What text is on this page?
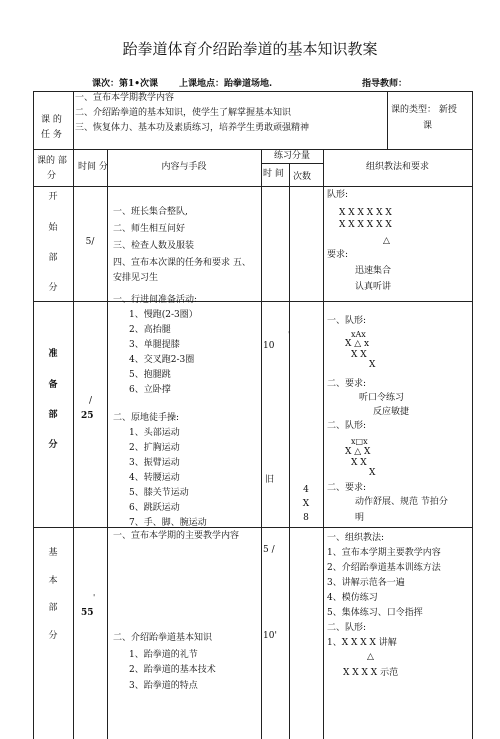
跆拳道体育介绍跆拳道的基本知识教案
课次：第1•次课 上课地点：跆拳道场地.	指导教师：
课 的
任 务
一、宣布本学期教学内容
二、介绍跆拳道的基本知识，使学生了解掌握基本知识
三、恢复体力、基本功及素质练习，培养学生勇敢顽强精神
课的类型： 新授
课
课的 部
分
时间 分	内容与手段
练习分量
时 间 次数
组织教法和要求
开
始
部
分
5/
一、班长集合整队,
二、师生相互问好
三、检查人数及服装
四、宣布本次课的任务和要求 五、
安排见习生
队形:
X X X X X X
X X X X X X
△
要求:
迅速集合
认真听讲
准
备
部
分
/
25
一、行进间准备活动:
1、慢跑(2-3圈）
2、高抬腿
3、单腿提膝
4、交叉跑2-3圈
5、抱腿跳
6、立卧撑
二、原地徒手操:
1、头部运动
2、扩胸运动
3、振臂运动
4、转腰运动
5、膝关节运动
6、跳跃运动
7、手、脚、腕运动
10
'
旧
4
X
8
一、队形:
xAx
X △ x
X X
X
二、要求:
听口令练习
反应敏捷
二、队形:
x□x
X △ X
X X
X
二、要求:
动作舒展、规范 节拍分
明
基
本
部
分
'
55
一、宣布本学期的主要教学内容
二、介绍跆拳道基本知识
1、跆拳道的礼节
2、跆拳道的基本技术
3、跆拳道的特点
5 /
10'
一、组织教法:
1、宣布本学期主要教学内容
2、介绍跆拳道基本训练方法
3、讲解示范各一遍
4、模仿练习
5、集体练习、口令指挥
二、队形:
1、X X X X 讲解
△
X X X X 示范
